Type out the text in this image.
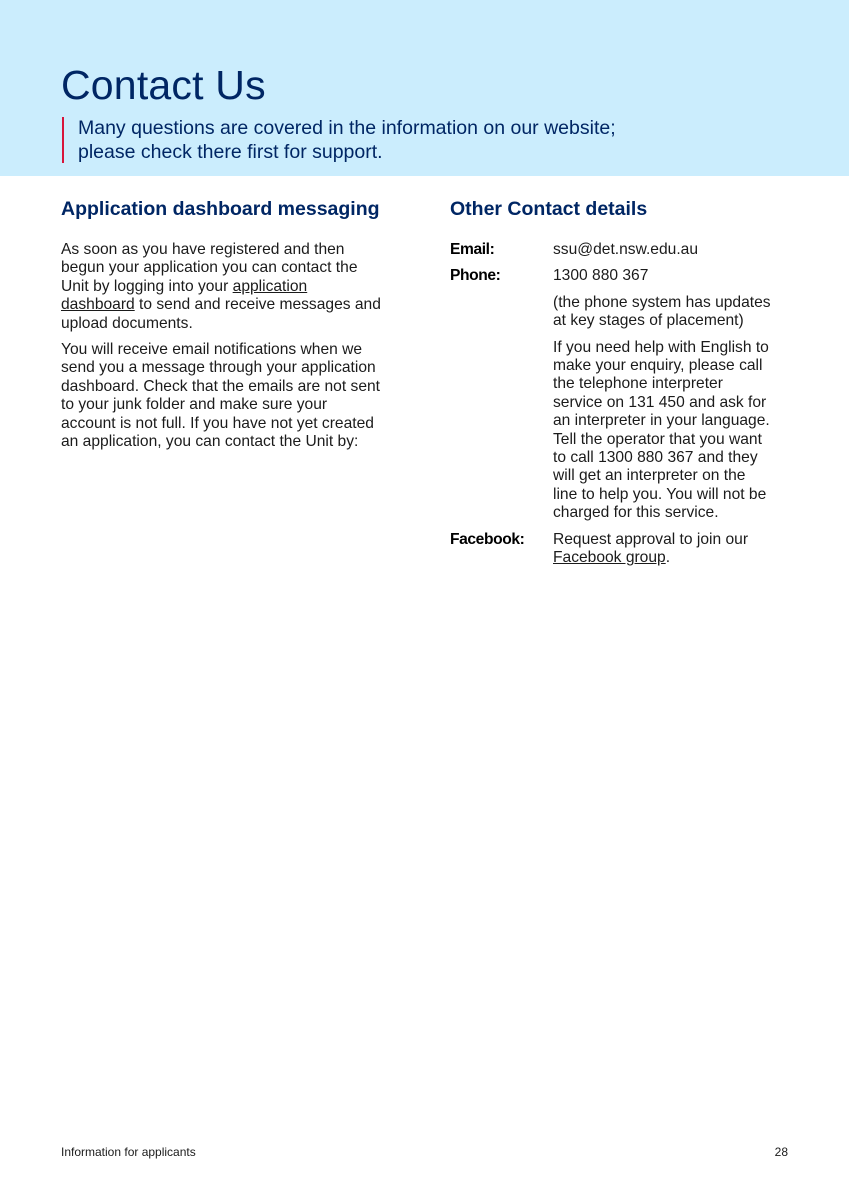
Contact Us
Many questions are covered in the information on our website;
please check there first for support.
Application dashboard messaging

As soon as you have registered and then
begun your application you can contact the
Unit by logging into your application
dashboard to send and receive messages and
upload documents.

You will receive email notifications when we
send you a message through your application
dashboard. Check that the emails are not sent
to your junk folder and make sure your
account is not full. If you have not yet created
an application, you can contact the Unit by:

Other Contact details
Email:	ssu@det.nsw.edu.au
Phone:	1300 880 367
(the phone system has updates
at key stages of placement)
If you need help with English to
make your enquiry, please call
the telephone interpreter
service on 131 450 and ask for
an interpreter in your language.
Tell the operator that you want
to call 1300 880 367 and they
will get an interpreter on the
line to help you. You will not be
charged for this service.
Facebook: Request approval to join our
Facebook group.
Information for applicants	28
